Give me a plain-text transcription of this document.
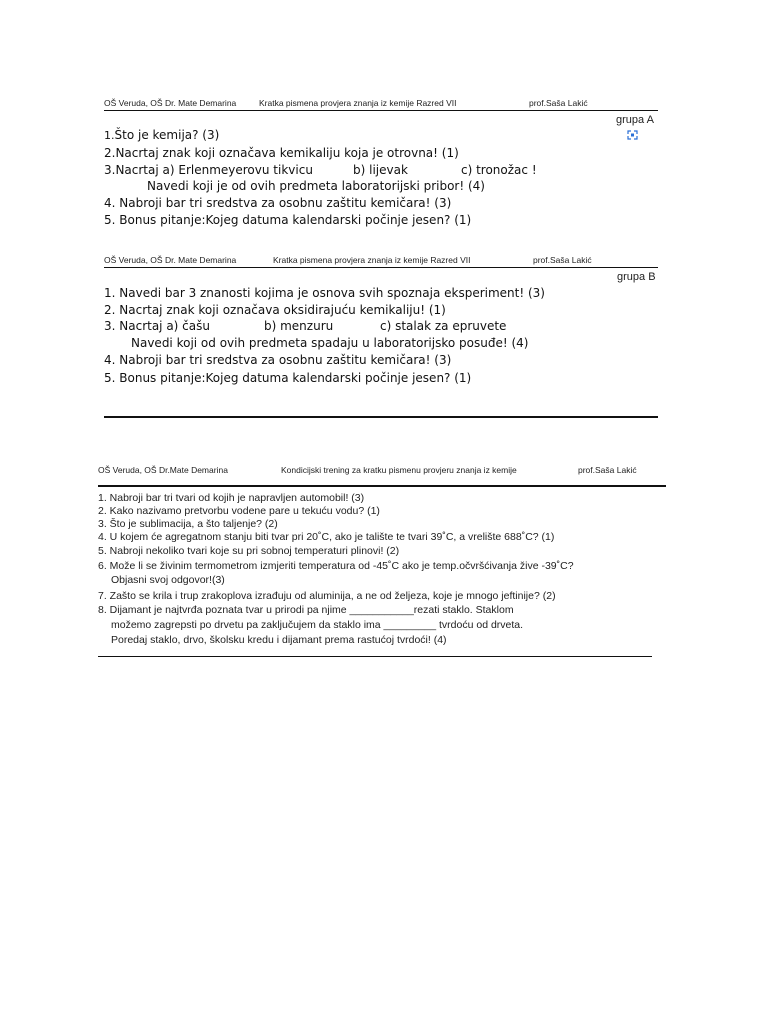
OŠ Veruda, OŠ Dr. Mate Demarina	Kratka pismena provjera znanja iz kemije Razred VII	prof.Saša Lakić
grupa A
1.Što je kemija? (3)
2.Nacrtaj znak koji označava kemikaliju koja je otrovna! (1)
3.Nacrtaj a) Erlenmeyerovu tikvicu	b) lijevak	c) tronožac !
Navedi koji je od ovih predmeta laboratorijski pribor! (4)
4. Nabroji bar tri sredstva za osobnu zaštitu kemičara! (3)
5. Bonus pitanje:Kojeg datuma kalendarski počinje jesen? (1)
OŠ Veruda, OŠ Dr. Mate Demarina	Kratka pismena provjera znanja iz kemije Razred VII	prof.Saša Lakić
grupa B
1. Navedi bar 3 znanosti kojima je osnova svih spoznaja eksperiment! (3)
2. Nacrtaj znak koji označava oksidirajuću kemikaliju! (1)
3. Nacrtaj a) čašu	b) menzuru	c) stalak za epruvete
Navedi koji od ovih predmeta spadaju u laboratorijsko posuđe! (4)
4. Nabroji bar tri sredstva za osobnu zaštitu kemičara! (3)
5. Bonus pitanje:Kojeg datuma kalendarski počinje jesen? (1)
OŠ Veruda, OŠ Dr.Mate Demarina	Kondicijski trening za kratku pismenu provjeru znanja iz kemije	prof.Saša Lakić
1. Nabroji bar tri tvari od kojih je napravljen automobil! (3)
2. Kako nazivamo pretvorbu vodene pare u tekuću vodu? (1)
3. Što je sublimacija, a što taljenje? (2)
4. U kojem će agregatnom stanju biti tvar pri 20˚C, ako je talište te tvari 39˚C, a vrelište 688˚C? (1)
5. Nabroji nekoliko tvari koje su pri sobnoj temperaturi plinovi! (2)
6. Može li se živinim termometrom izmjeriti temperatura od -45˚C ako je temp.očvršćivanja žive -39˚C?
Objasni svoj odgovor!(3)
7. Zašto se krila i trup zrakoplova izrađuju od aluminija, a ne od željeza, koje je mnogo jeftinije? (2)
8. Dijamant je najtvrđa poznata tvar u prirodi pa njime ___________rezati staklo. Staklom
možemo zagrepsti po drvetu pa zaključujem da staklo ima _________ tvrdoću od drveta.
Poredaj staklo, drvo, školsku kredu i dijamant prema rastućoj tvrdoći! (4)
